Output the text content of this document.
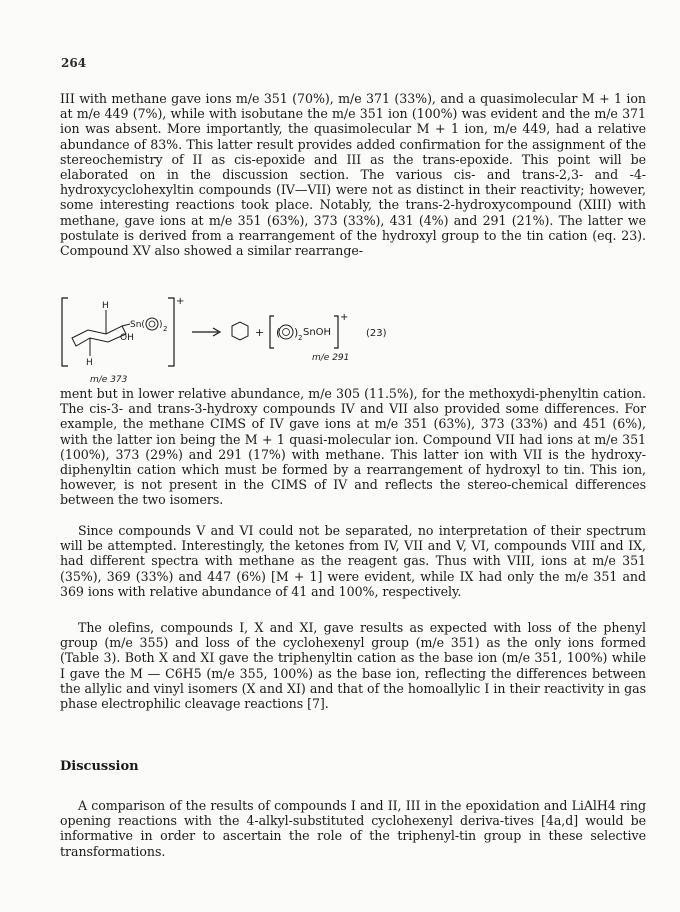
264

III with methane gave ions m/e 351 (70%), m/e 371 (33%), and a quasimolecular M + 1 ion at m/e 449 (7%), while with isobutane the m/e 351 ion (100%) was evident and the m/e 371 ion was absent. More importantly, the quasimolecular M + 1 ion, m/e 449, had a relative abundance of 83%. This latter result provides added confirmation for the assignment of the stereochemistry of II as cis-epoxide and III as the trans-epoxide. This point will be elaborated on in the discussion section. The various cis- and trans-2,3- and -4-hydroxycyclohexyltin compounds (IV—VII) were not as distinct in their reactivity; however, some interesting reactions took place. Notably, the trans-2-hydroxycompound (XIII) with methane, gave ions at m/e 351 (63%), 373 (33%), 431 (4%) and 291 (21%). The latter we postulate is derived from a rearrangement of the hydroxyl group to the tin cation (eq. 23). Compound XV also showed a similar rearrange-

+
H
H
Sn( ) 2
OH
m/e 373
+ ( ) 2 SnOH
+
m/e 291
(23)

ment but in lower relative abundance, m/e 305 (11.5%), for the methoxydi-phenyltin cation. The cis-3- and trans-3-hydroxy compounds IV and VII also provided some differences. For example, the methane CIMS of IV gave ions at m/e 351 (63%), 373 (33%) and 451 (6%), with the latter ion being the M + 1 quasi-molecular ion. Compound VII had ions at m/e 351 (100%), 373 (29%) and 291 (17%) with methane. This latter ion with VII is the hydroxy-diphenyltin cation which must be formed by a rearrangement of hydroxyl to tin. This ion, however, is not present in the CIMS of IV and reflects the stereo-chemical differences between the two isomers.

Since compounds V and VI could not be separated, no interpretation of their spectrum will be attempted. Interestingly, the ketones from IV, VII and V, VI, compounds VIII and IX, had different spectra with methane as the reagent gas. Thus with VIII, ions at m/e 351 (35%), 369 (33%) and 447 (6%) [M + 1] were evident, while IX had only the m/e 351 and 369 ions with relative abundance of 41 and 100%, respectively.

The olefins, compounds I, X and XI, gave results as expected with loss of the phenyl group (m/e 355) and loss of the cyclohexenyl group (m/e 351) as the only ions formed (Table 3). Both X and XI gave the triphenyltin cation as the base ion (m/e 351, 100%) while I gave the M — C6H5 (m/e 355, 100%) as the base ion, reflecting the differences between the allylic and vinyl isomers (X and XI) and that of the homoallylic I in their reactivity in gas phase electrophilic cleavage reactions [7].

Discussion

A comparison of the results of compounds I and II, III in the epoxidation and LiAlH4 ring opening reactions with the 4-alkyl-substituted cyclohexenyl deriva-tives [4a,d] would be informative in order to ascertain the role of the triphenyl-tin group in these selective transformations.
